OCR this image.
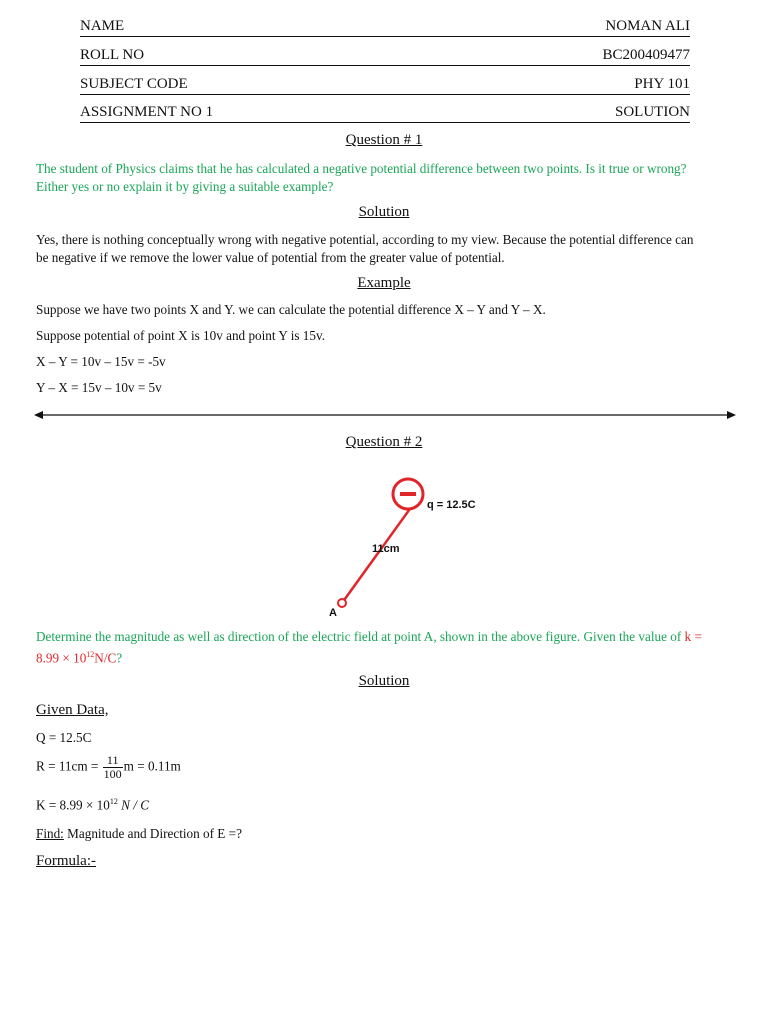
NAME	NOMAN ALI
ROLL NO	BC200409477
SUBJECT CODE	PHY 101
ASSIGNMENT NO 1	SOLUTION
Question # 1
The student of Physics claims that he has calculated a negative potential difference between two points. Is it true or wrong?
Either yes or no explain it by giving a suitable example?
Solution
Yes, there is nothing conceptually wrong with negative potential, according to my view. Because the potential difference can
be negative if we remove the lower value of potential from the greater value of potential.
Example
Suppose we have two points X and Y. we can calculate the potential difference X – Y and Y – X.
Suppose potential of point X is 10v and point Y is 15v.
X – Y = 10v – 15v = -5v
Y – X = 15v – 10v = 5v
Question # 2
q = 12.5C
11cm
A
Determine the magnitude as well as direction of the electric field at point A, shown in the above figure. Given the value of k =
$8.99 \times 10^{12}N/C$?
Solution
Given Data,
Q = 12.5C
$R = 11cm = \frac{11}{100}$ m = 0.11m
$K = 8.99 \times 10^{12}$ N / C
Find: Magnitude and Direction of E =?
Formula:-
